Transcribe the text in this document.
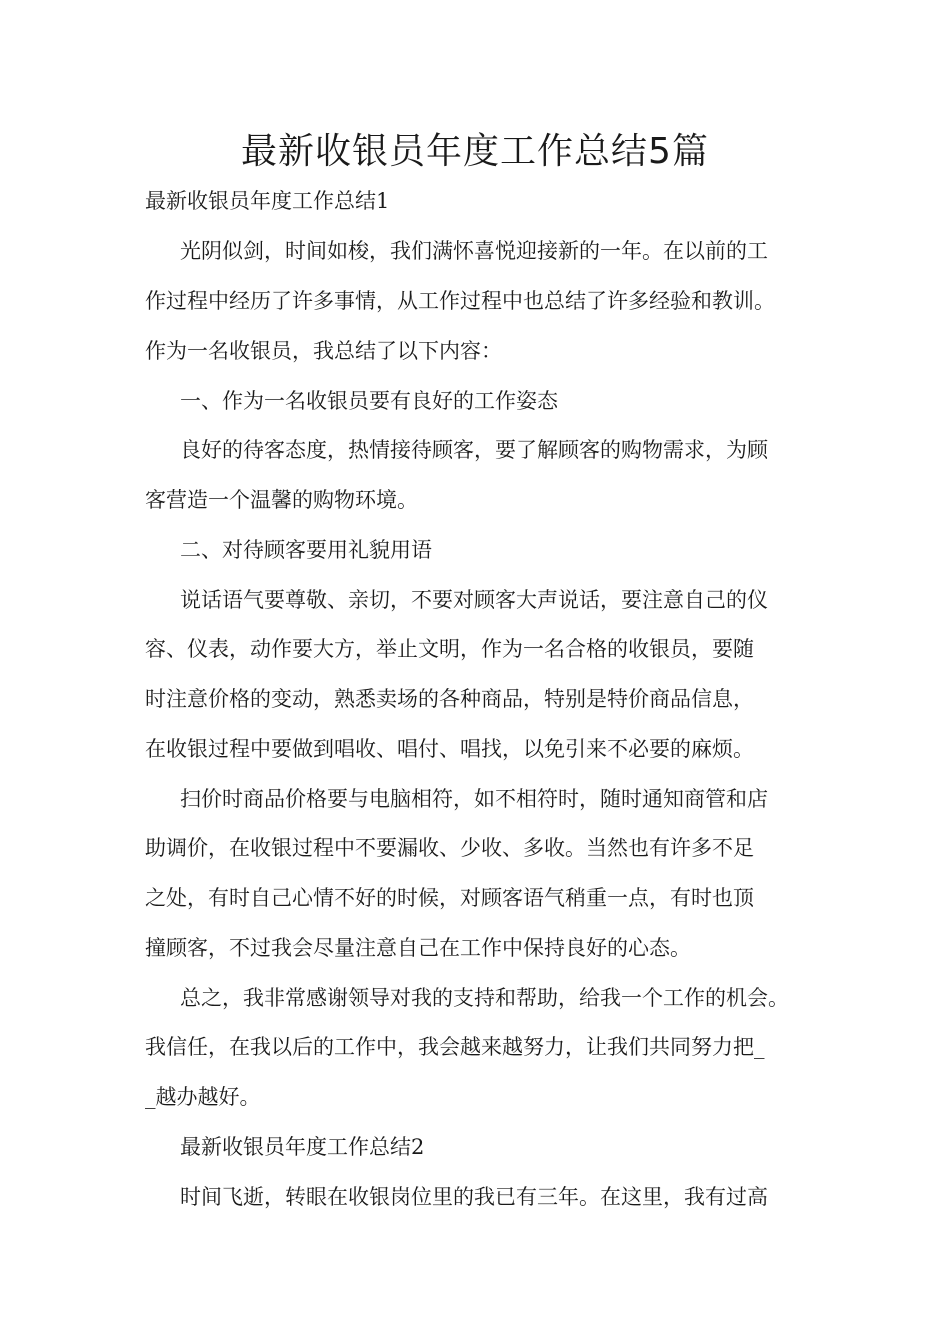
最新收银员年度工作总结5篇

最新收银员年度工作总结1

光阴似剑，时间如梭，我们满怀喜悦迎接新的一年。在以前的工

作过程中经历了许多事情，从工作过程中也总结了许多经验和教训。

作为一名收银员，我总结了以下内容：

一、作为一名收银员要有良好的工作姿态

良好的待客态度，热情接待顾客，要了解顾客的购物需求，为顾

客营造一个温馨的购物环境。

二、对待顾客要用礼貌用语

说话语气要尊敬、亲切，不要对顾客大声说话，要注意自己的仪

容、仪表，动作要大方，举止文明，作为一名合格的收银员，要随

时注意价格的变动，熟悉卖场的各种商品，特别是特价商品信息，

在收银过程中要做到唱收、唱付、唱找，以免引来不必要的麻烦。

扫价时商品价格要与电脑相符，如不相符时，随时通知商管和店

助调价，在收银过程中不要漏收、少收、多收。当然也有许多不足

之处，有时自己心情不好的时候，对顾客语气稍重一点，有时也顶

撞顾客，不过我会尽量注意自己在工作中保持良好的心态。

总之，我非常感谢领导对我的支持和帮助，给我一个工作的机会。

我信任，在我以后的工作中，我会越来越努力，让我们共同努力把_

_越办越好。

最新收银员年度工作总结2

时间飞逝，转眼在收银岗位里的我已有三年。在这里，我有过高
